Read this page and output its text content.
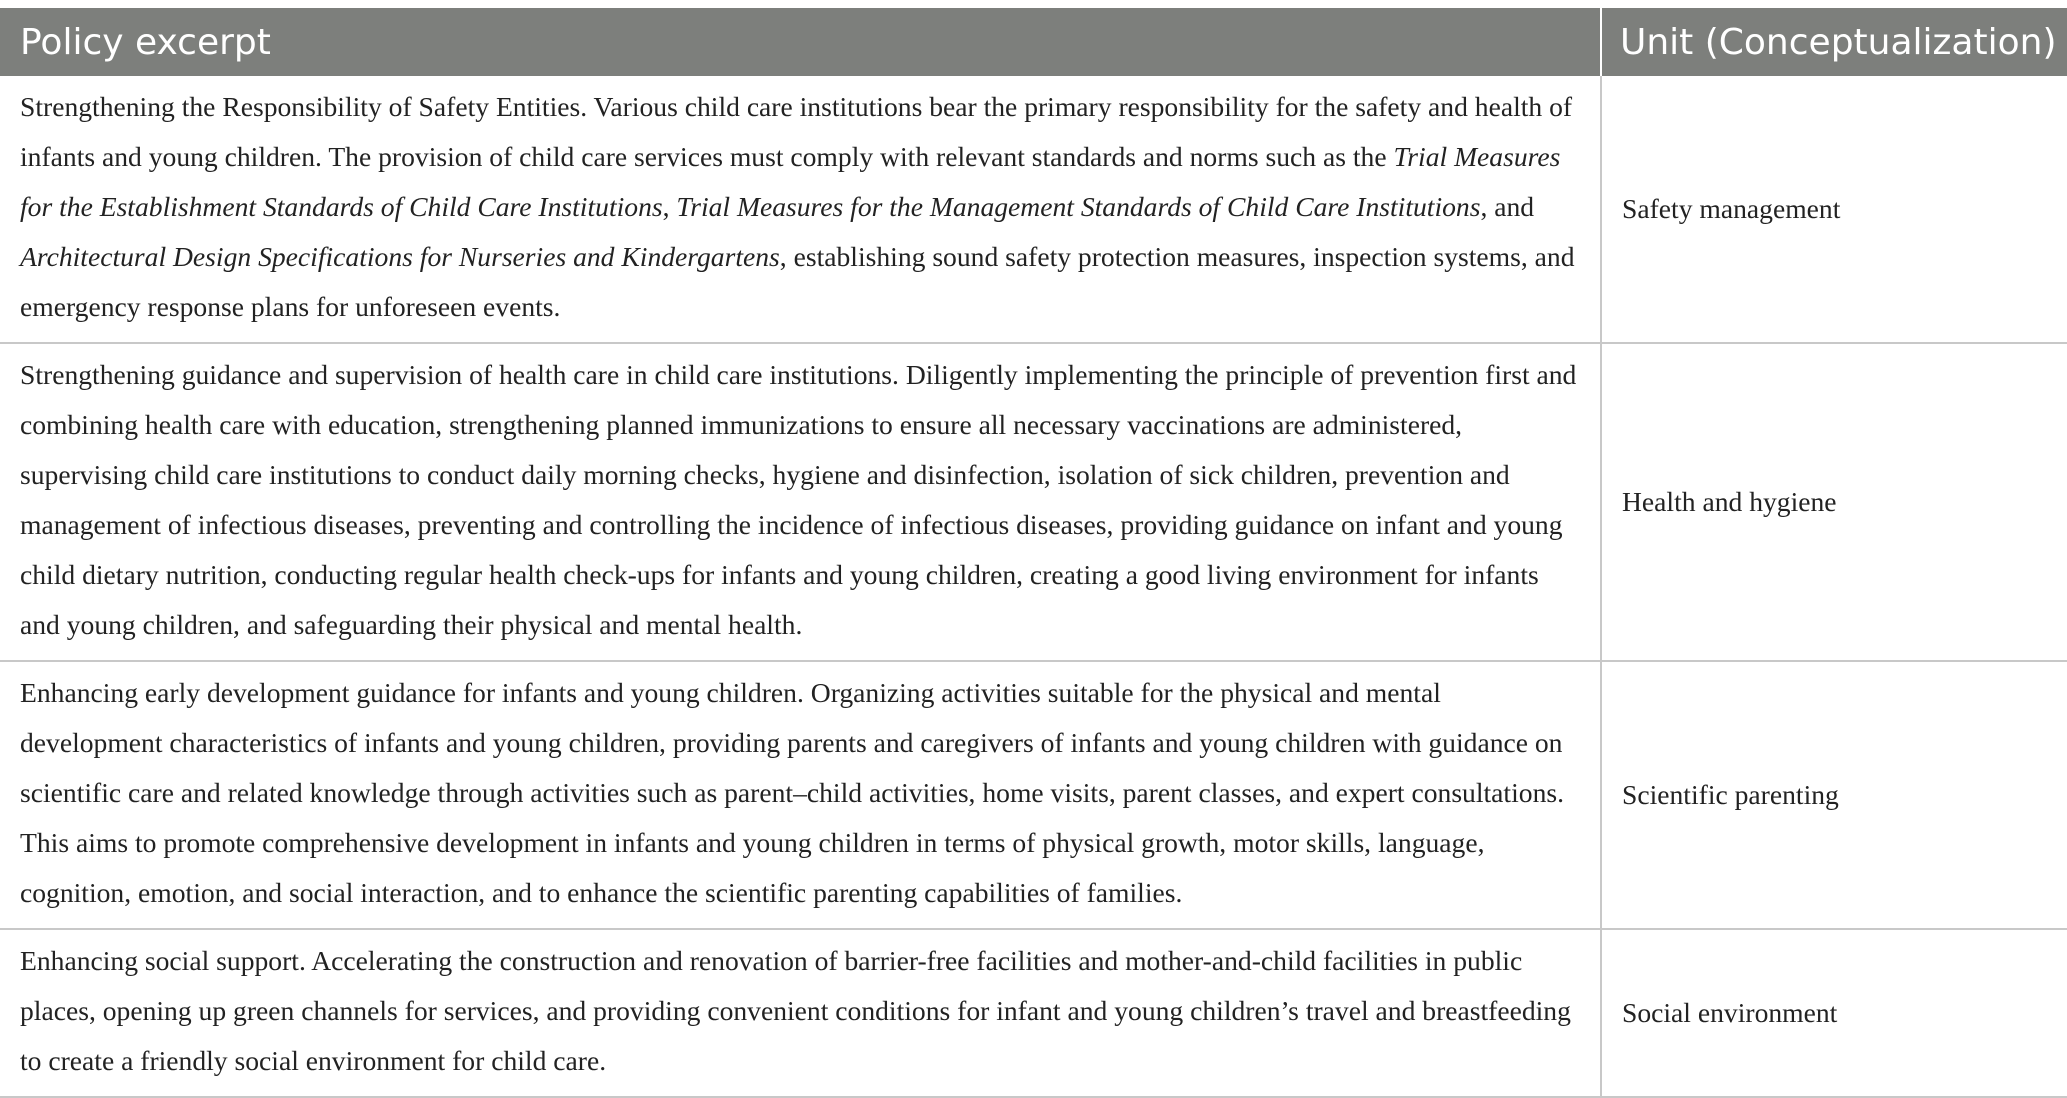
Policy excerpt	Unit (Conceptualization)
Strengthening the Responsibility of Safety Entities. Various child care institutions bear the primary responsibility for the safety and health of infants and young children. The provision of child care services must comply with relevant standards and norms such as the Trial Measures for the Establishment Standards of Child Care Institutions, Trial Measures for the Management Standards of Child Care Institutions, and Architectural Design Specifications for Nurseries and Kindergartens, establishing sound safety protection measures, inspection systems, and emergency response plans for unforeseen events.	Safety management
Strengthening guidance and supervision of health care in child care institutions. Diligently implementing the principle of prevention first and combining health care with education, strengthening planned immunizations to ensure all necessary vaccinations are administered, supervising child care institutions to conduct daily morning checks, hygiene and disinfection, isolation of sick children, prevention and management of infectious diseases, preventing and controlling the incidence of infectious diseases, providing guidance on infant and young child dietary nutrition, conducting regular health check-ups for infants and young children, creating a good living environment for infants and young children, and safeguarding their physical and mental health.	Health and hygiene
Enhancing early development guidance for infants and young children. Organizing activities suitable for the physical and mental development characteristics of infants and young children, providing parents and caregivers of infants and young children with guidance on scientific care and related knowledge through activities such as parent–child activities, home visits, parent classes, and expert consultations. This aims to promote comprehensive development in infants and young children in terms of physical growth, motor skills, language, cognition, emotion, and social interaction, and to enhance the scientific parenting capabilities of families.	Scientific parenting
Enhancing social support. Accelerating the construction and renovation of barrier-free facilities and mother-and-child facilities in public places, opening up green channels for services, and providing convenient conditions for infant and young children’s travel and breastfeeding to create a friendly social environment for child care.	Social environment
